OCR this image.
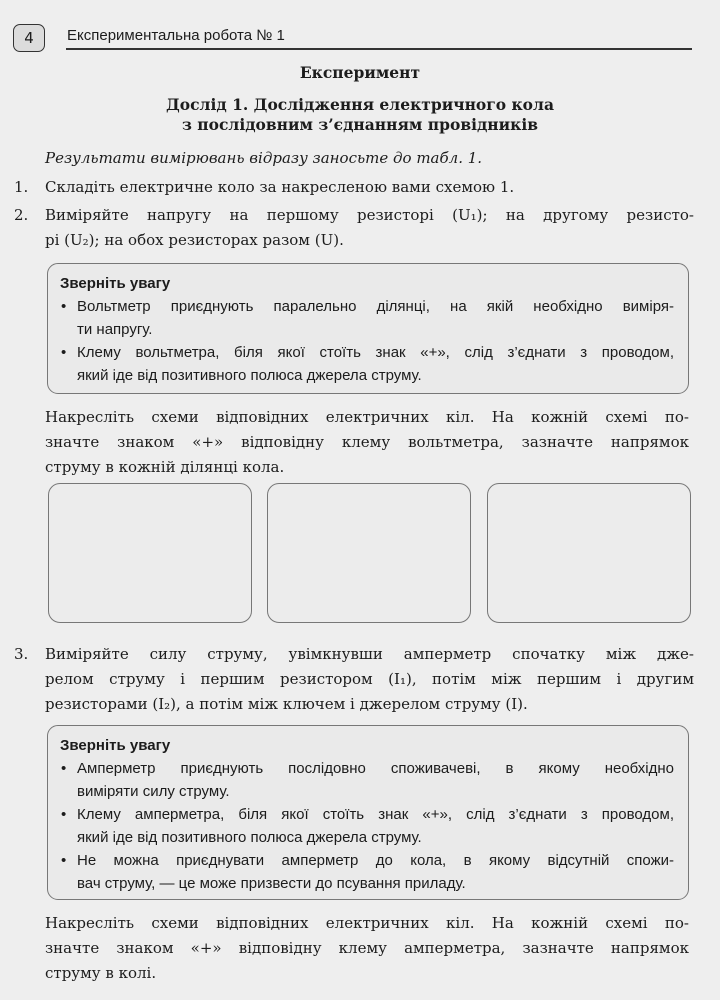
4	Експериментальна робота № 1
Експеримент
Дослід 1. Дослідження електричного кола
з послідовним з’єднанням провідників
Результати вимірювань відразу заносьте до табл. 1.
1.	Складіть електричне коло за накресленою вами схемою 1.
2.	Виміряйте напругу на першому резисторі (U₁); на другому резисто-
рі (U₂); на обох резисторах разом (U).
Зверніть увагу
• Вольтметр приєднують паралельно ділянці, на якій необхідно виміря-
ти напругу.
• Клему вольтметра, біля якої стоїть знак «+», слід з’єднати з проводом,
який іде від позитивного полюса джерела струму.
Накресліть схеми відповідних електричних кіл. На кожній схемі по-
значте знаком «+» відповідну клему вольтметра, зазначте напрямок
струму в кожній ділянці кола.
3.	Виміряйте силу струму, увімкнувши амперметр спочатку між дже-
релом струму і першим резистором (I₁), потім між першим і другим
резисторами (I₂), а потім між ключем і джерелом струму (I).
Зверніть увагу
• Амперметр приєднують послідовно споживачеві, в якому необхідно
виміряти силу струму.
• Клему амперметра, біля якої стоїть знак «+», слід з’єднати з проводом,
який іде від позитивного полюса джерела струму.
• Не можна приєднувати амперметр до кола, в якому відсутній спожи-
вач струму, — це може призвести до псування приладу.
Накресліть схеми відповідних електричних кіл. На кожній схемі по-
значте знаком «+» відповідну клему амперметра, зазначте напрямок
струму в колі.
